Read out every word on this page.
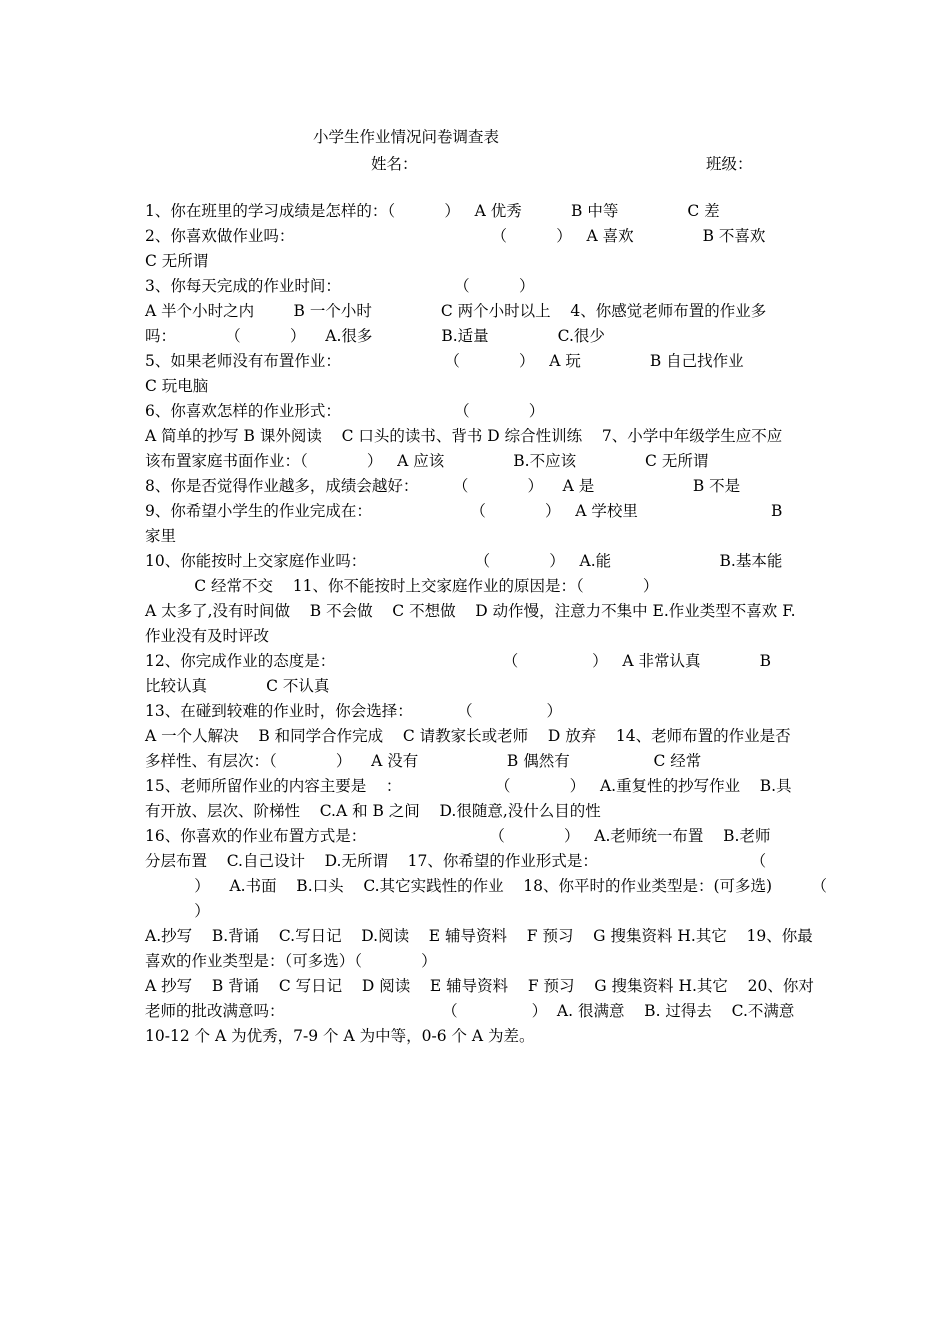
小学生作业情况问卷调查表
姓名：	班级：
1、你在班里的学习成绩是怎样的：（          ）   A 优秀          B 中等              C 差
2、你喜欢做作业吗：                                        （          ）   A 喜欢              B 不喜欢
C 无所谓
3、你每天完成的作业时间：                       （          ）
A 半个小时之内        B 一个小时              C 两个小时以上    4、你感觉老师布置的作业多
吗：          （          ）    A.很多              B.适量              C.很少
5、如果老师没有布置作业：                     （            ）   A 玩              B 自己找作业
C 玩电脑
6、你喜欢怎样的作业形式：                       （            ）
A 简单的抄写 B 课外阅读    C 口头的读书、背书 D 综合性训练    7、小学中年级学生应不应
该布置家庭书面作业：（            ）   A 应该              B.不应该              C 无所谓
8、你是否觉得作业越多，成绩会越好：       （            ）    A 是                    B 不是
9、你希望小学生的作业完成在：                    （            ）   A 学校里                           B
家里
10、你能按时上交家庭作业吗：                      （            ）   A.能                      B.基本能
C 经常不交    11、你不能按时上交家庭作业的原因是：（            ）
A 太多了,没有时间做    B 不会做    C 不想做    D 动作慢，注意力不集中 E.作业类型不喜欢 F.
作业没有及时评改
12、你完成作业的态度是：                                  （               ）   A 非常认真            B
比较认真            C 不认真
13、在碰到较难的作业时，你会选择：         （               ）
A 一个人解决    B 和同学合作完成    C 请教家长或老师    D 放弃    14、老师布置的作业是否
多样性、有层次：（            ）    A 没有                  B 偶然有                 C 经常
15、老师所留作业的内容主要是    ：                   （            ）   A.重复性的抄写作业    B.具
有开放、层次、阶梯性    C.A 和 B 之间    D.很随意,没什么目的性
16、你喜欢的作业布置方式是：                         （            ）   A.老师统一布置    B.老师
分层布置    C.自己设计    D.无所谓    17、你希望的作业形式是：                               （
）    A.书面    B.口头    C.其它实践性的作业    18、你平时的作业类型是：(可多选)        （
）
A.抄写    B.背诵    C.写日记    D.阅读    E 辅导资料    F 预习    G 搜集资料 H.其它    19、你最
喜欢的作业类型是：（可多选）（            ）
A 抄写    B 背诵    C 写日记    D 阅读    E 辅导资料    F 预习    G 搜集资料 H.其它    20、你对
老师的批改满意吗：                                （               ）  A. 很满意    B. 过得去    C.不满意
10-12 个 A 为优秀，7-9 个 A 为中等，0-6 个 A 为差。
